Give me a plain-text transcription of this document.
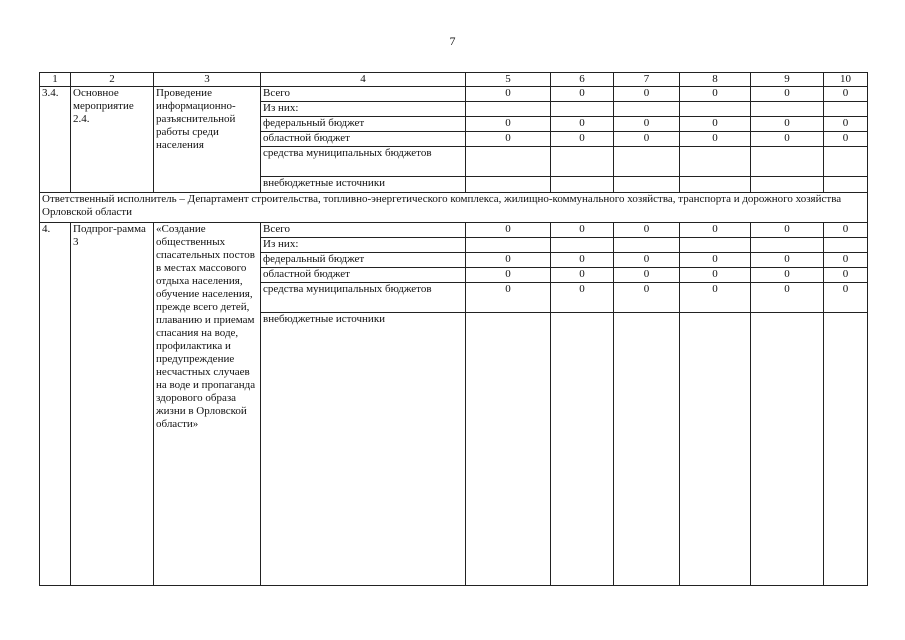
7
1	2	3	4	5	6	7	8	9	10
3.4.	Основное мероприятие 2.4.	Проведение информационно-разъяснительной работы среди населения	Всего	0	0	0	0	0	0
			Из них:						
			федеральный бюджет	0	0	0	0	0	0
			областной бюджет	0	0	0	0	0	0
			средства муниципальных бюджетов						
			внебюджетные источники						
Ответственный исполнитель – Департамент строительства, топливно-энергетического комплекса, жилищно-коммунального хозяйства, транспорта и дорожного хозяйства Орловской области									
4.	Подпрог-рамма 3	«Создание общественных спасательных постов в местах массового отдыха населения, обучение населения, прежде всего детей, плаванию и приемам спасания на воде, профилактика и предупреждение несчастных случаев на воде и пропаганда здорового образа жизни в Орловской области»	Всего	0	0	0	0	0	0
			Из них:						
			федеральный бюджет	0	0	0	0	0	0
			областной бюджет	0	0	0	0	0	0
			средства муниципальных бюджетов	0	0	0	0	0	0
			внебюджетные источники						
